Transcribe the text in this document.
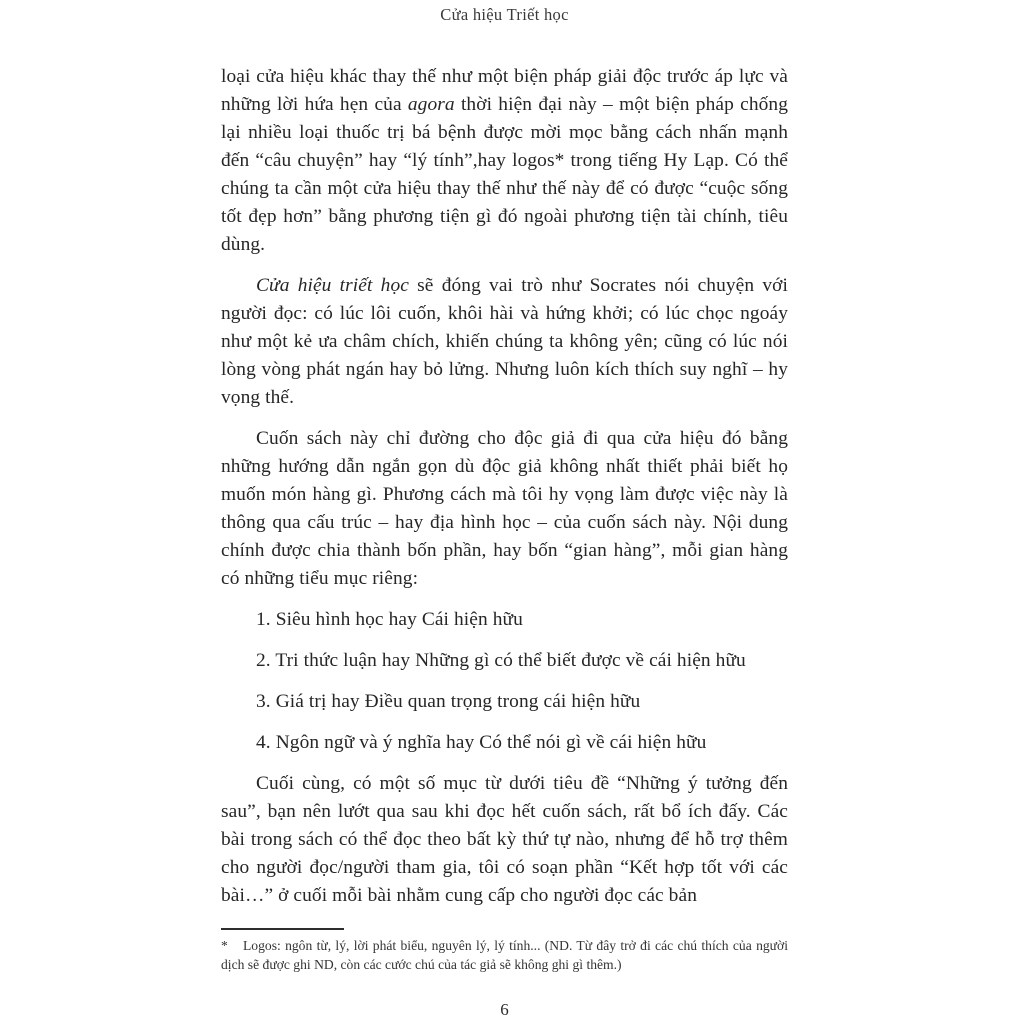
Cửa hiệu Triết học

loại cửa hiệu khác thay thế như một biện pháp giải độc trước áp lực và những lời hứa hẹn của agora thời hiện đại này – một biện pháp chống lại nhiều loại thuốc trị bá bệnh được mời mọc bằng cách nhấn mạnh đến “câu chuyện” hay “lý tính”,hay logos* trong tiếng Hy Lạp. Có thể chúng ta cần một cửa hiệu thay thế như thế này để có được “cuộc sống tốt đẹp hơn” bằng phương tiện gì đó ngoài phương tiện tài chính, tiêu dùng.

Cửa hiệu triết học sẽ đóng vai trò như Socrates nói chuyện với người đọc: có lúc lôi cuốn, khôi hài và hứng khởi; có lúc chọc ngoáy như một kẻ ưa châm chích, khiến chúng ta không yên; cũng có lúc nói lòng vòng phát ngán hay bỏ lửng. Nhưng luôn kích thích suy nghĩ – hy vọng thế.

Cuốn sách này chỉ đường cho độc giả đi qua cửa hiệu đó bằng những hướng dẫn ngắn gọn dù độc giả không nhất thiết phải biết họ muốn món hàng gì. Phương cách mà tôi hy vọng làm được việc này là thông qua cấu trúc – hay địa hình học – của cuốn sách này. Nội dung chính được chia thành bốn phần, hay bốn “gian hàng”, mỗi gian hàng có những tiểu mục riêng:

1. Siêu hình học hay Cái hiện hữu
2. Tri thức luận hay Những gì có thể biết được về cái hiện hữu
3. Giá trị hay Điều quan trọng trong cái hiện hữu
4. Ngôn ngữ và ý nghĩa hay Có thể nói gì về cái hiện hữu

Cuối cùng, có một số mục từ dưới tiêu đề “Những ý tưởng đến sau”, bạn nên lướt qua sau khi đọc hết cuốn sách, rất bổ ích đấy. Các bài trong sách có thể đọc theo bất kỳ thứ tự nào, nhưng để hỗ trợ thêm cho người đọc/người tham gia, tôi có soạn phần “Kết hợp tốt với các bài…” ở cuối mỗi bài nhằm cung cấp cho người đọc các bản

* Logos: ngôn từ, lý, lời phát biểu, nguyên lý, lý tính... (ND. Từ đây trở đi các chú thích của người dịch sẽ được ghi ND, còn các cước chú của tác giả sẽ không ghi gì thêm.)

6
